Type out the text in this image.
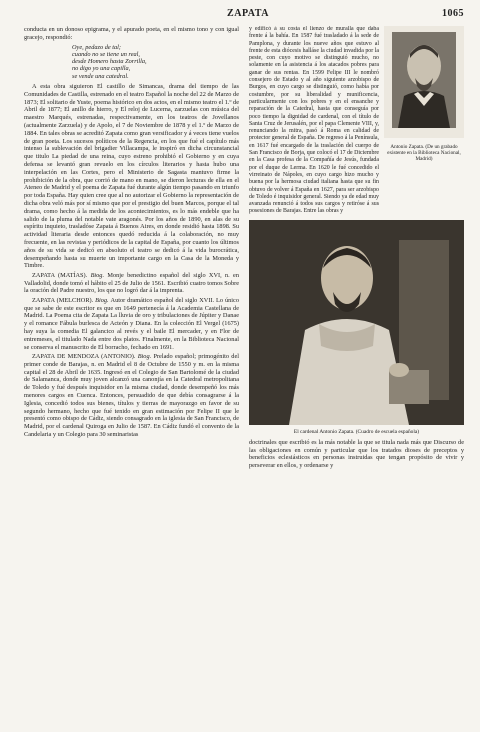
ZAPATA	1065

conducta en un donoso epigrama, y el apurado poeta, en el mismo tono y con igual gracejo, respondió:

Oye, pedazo de tal;
cuando no se tiene un real,
desde Homero hasta Zorrilla,
no digo yo una capilla,
se vende una catedral.

A esta obra siguieron El castillo de Simancas, drama del tiempo de las Comunidades de Castilla, estrenado en el teatro Español la noche del 22 de Marzo de 1873; El solitario de Yuste, poema histórico en dos actos, en el mismo teatro el 1.º de Abril de 1877; El anillo de hierro, y El reloj de Lucerna, zarzuelas con música del maestro Marqués, estrenadas, respectivamente, en los teatros de Jovellanos (actualmente Zarzuela) y de Apolo, el 7 de Noviembre de 1878 y el 1.º de Marzo de 1884. En tales obras se acreditó Zapata como gran versificador y á veces tiene vuelos de gran poeta. Los sucesos políticos de la Regencia, en los que fué el capítulo más intenso la sublevación del brigadier Villacampa, le inspiró en dicha circunstancial que titulo La piedad de una reina, cuyo estreno prohibió el Gobierno y en cuya defensa se levantó gran revuelo en los círculos literarios y hasta hubo una interpelación en las Cortes, pero el Ministerio de Sagasta mantuvo firme la prohibición de la obra, que corrió de mano en mano, se dieron lecturas de ella en el Ateneo de Madrid y el poema de Zapata fué durante algún tiempo pasando en triunfo por toda España. Hay quien cree que al no autorizar el Gobierno la representación de dicha obra veló más por sí mismo que por el prestigio del buen Marcos, porque el tal drama, como hecho á la medida de los acontecimientos, es lo más endeble que ha salido de la pluma del notable vate aragonés. Por los años de 1890, en alas de su espíritu inquieto, trasladóse Zapata á Buenos Aires, en donde residió hasta 1898. Su actividad literaria desde entonces quedó reducida á la colaboración, no muy frecuente, en las revistas y periódicos de la capital de España, por cuanto los últimos años de su vida se dedicó en absoluto el teatro se dedicó á la vida burocrática, desempeñando hasta su muerte un importante cargo en la Casa de la Moneda y Timbre.

ZAPATA (MATÍAS). Biog. Monje benedictino español del siglo XVI, n. en Valladolid, donde tomó el hábito el 25 de Julio de 1561. Escribió cuatro tomos Sobre la oración del Padre nuestro, los que no logró dar á la imprenta.

ZAPATA (MELCHOR). Biog. Autor dramático español del siglo XVII. Lo único que se sabe de este escritor es que en 1649 pertenecía á la Academia Castellana de Madrid. La Poema cita de Zapata La lluvia de oro y tribulaciones de Júpiter y Danae y el romance Fábula burlesca de Acteón y Diana. En la colección El Vergel (1675) hay suya la comedia El galancico al revés y el baile El mercader, y en Flor de entremeses, el titulado Nada entre dos platos. Finalmente, en la Biblioteca Nacional se conserva el manuscrito de El borracho, fechado en 1691.

ZAPATA DE MENDOZA (ANTONIO). Biog. Prelado español; primogénito del primer conde de Barajas, n. en Madrid el 8 de Octubre de 1550 y m. en la misma capital el 28 de Abril de 1635. Ingresó en el Colegio de San Bartolomé de la ciudad de Salamanca, donde muy joven alcanzó una canonjía en la Catedral metropolitana de Toledo y fué después inquisidor en la misma ciudad, donde desempeñó los más menores cargos en Cuenca. Entonces, persuadido de que debía consagrarse á la Iglesia, concedió todos sus bienes, títulos y tierras de mayorazgo en favor de su segundo hermano, hecho que fué tenido en gran estimación por Felipe II que le presentó como obispo de Cádiz, siendo consagrado en la iglesia de San Francisco, de Madrid, por el cardenal Quiroga en Julio de 1587. En Cádiz fundó el convento de la Candelaria y un Colegio para 30 seminaristas

y edificó á su costa el lienzo de muralla que daba frente á la bahía. En 1587 fué trasladado á la sede de Pamplona, y durante los nueve años que estuvo al frente de esta diócesis halláse la ciudad invadida por la peste, con cuyo motivo se distinguió mucho, no solamente en la asistencia á los atacados pobres para ganar de sus rentas. En 1599 Felipe III le nombró consejero de Estado y al año siguiente arzobispo de Burgos, en cuyo cargo se distinguió, como había por costumbre, por su liberalidad y munificencia, particularmente con los pobres y en el ensanche y reparación de la Catedral, hasta que conseguía por poco tiempo la dignidad de cardenal, con el título de Santa Cruz de Jerusalén, por el papa Clemente VIII, y, renunciando la mitra, pasó á Roma en calidad de protector general de España. De regreso á la Península, en 1617 fué encargado de la traslación del cuerpo de San Francisco de Borja, que colocó el 17 de Diciembre en la Casa profesa de la Compañía de Jesús, fundada por el duque de Lerma. En 1620 le fué concedido el virreinato de Nápoles, en cuyo cargo hizo mucho y buena por la hermosa ciudad italiana hasta que su fin obtuvo de volver á España en 1627, para ser arzobispo de Toledo é inquisidor general. Siendo ya de edad muy avanzada renunció á todos sus cargos y retiróse á sus posesiones de Barajas. Entre las obras y

Antonio Zapata. (De un grabado existente en la Biblioteca Nacional, Madrid)
El cardenal Antonio Zapata. (Cuadro de escuela española)

doctrinales que escribió es la más notable la que se titula nada más que Discurso de las obligaciones en común y particular que los tratados dioses de preceptos y beneficios eclesiásticos en personas instruidas que tengan propósito de vivir y perseverar en ellos, y ordenarse y
